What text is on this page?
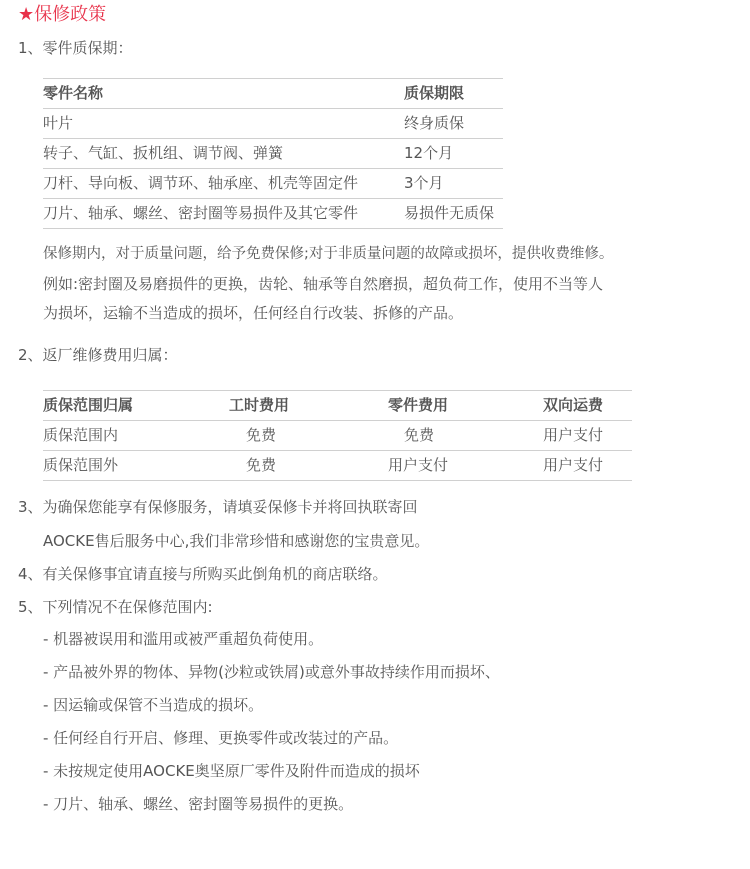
★保修政策
1、零件质保期：
零件名称	质保期限
叶片	终身质保
转子、气缸、扳机组、调节阀、弹簧	12个月
刀杆、导向板、调节环、轴承座、机壳等固定件	3个月
刀片、轴承、螺丝、密封圈等易损件及其它零件	易损件无质保
保修期内，对于质量问题，给予免费保修;对于非质量问题的故障或损坏，提供收费维修。
例如:密封圈及易磨损件的更换，齿轮、轴承等自然磨损，超负荷工作，使用不当等人
为损坏，运输不当造成的损坏，任何经自行改装、拆修的产品。
2、返厂维修费用归属：
质保范围归属	工时费用	零件费用	双向运费
质保范围内	免费	免费	用户支付
质保范围外	免费	用户支付	用户支付
3、为确保您能享有保修服务，请填妥保修卡并将回执联寄回
AOCKE售后服务中心,我们非常珍惜和感谢您的宝贵意见。
4、有关保修事宜请直接与所购买此倒角机的商店联络。
5、下列情况不在保修范围内:
- 机器被误用和滥用或被严重超负荷使用。
- 产品被外界的物体、异物(沙粒或铁屑)或意外事故持续作用而损坏、
- 因运输或保管不当造成的损坏。
- 任何经自行开启、修理、更换零件或改装过的产品。
- 未按规定使用AOCKE奥坚原厂零件及附件而造成的损坏
- 刀片、轴承、螺丝、密封圈等易损件的更换。
